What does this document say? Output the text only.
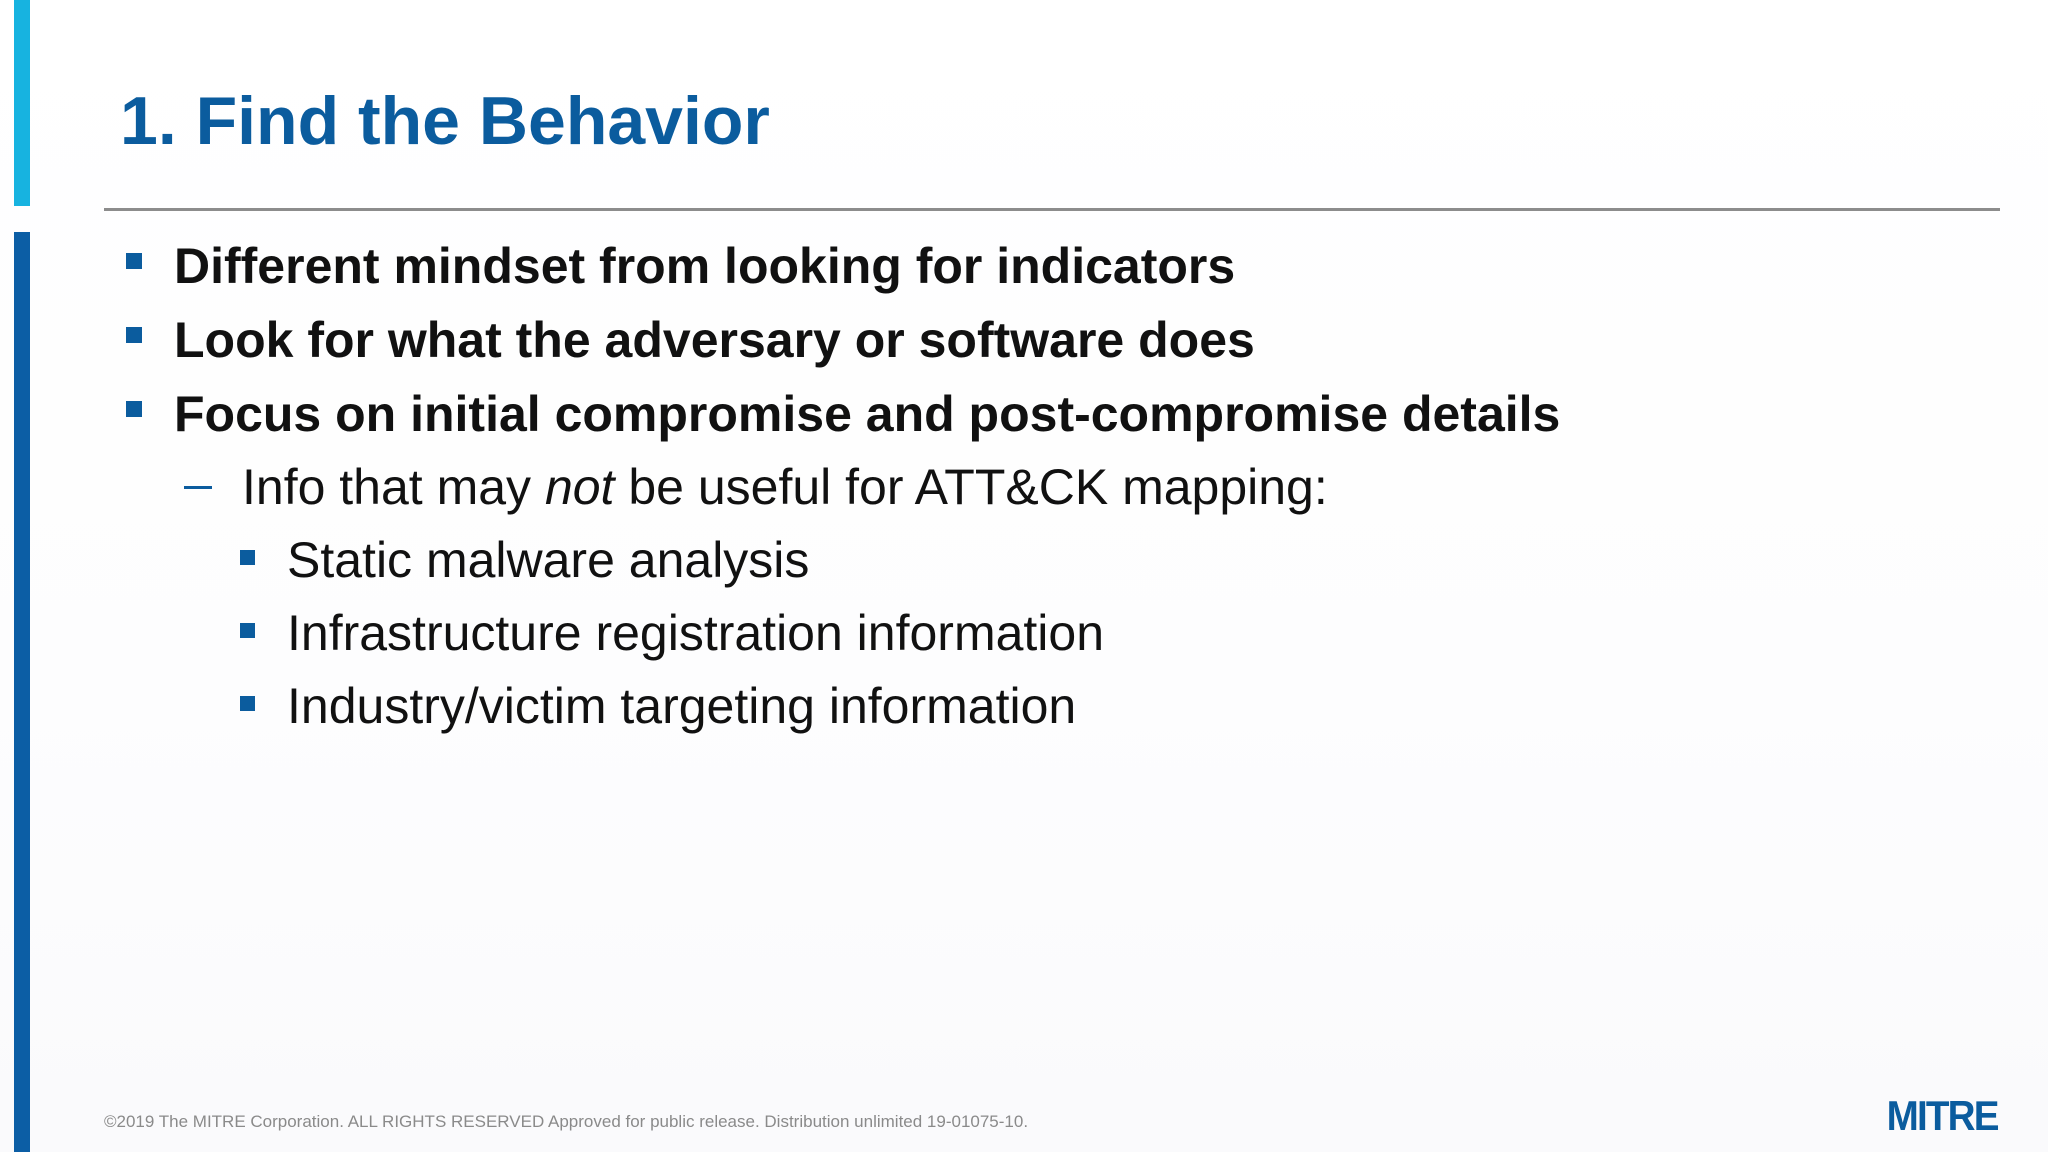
1. Find the Behavior
Different mindset from looking for indicators
Look for what the adversary or software does
Focus on initial compromise and post-compromise details
Info that may not be useful for ATT&CK mapping:
Static malware analysis
Infrastructure registration information
Industry/victim targeting information
©2019 The MITRE Corporation. ALL RIGHTS RESERVED Approved for public release. Distribution unlimited 19-01075-10.	MITRE
